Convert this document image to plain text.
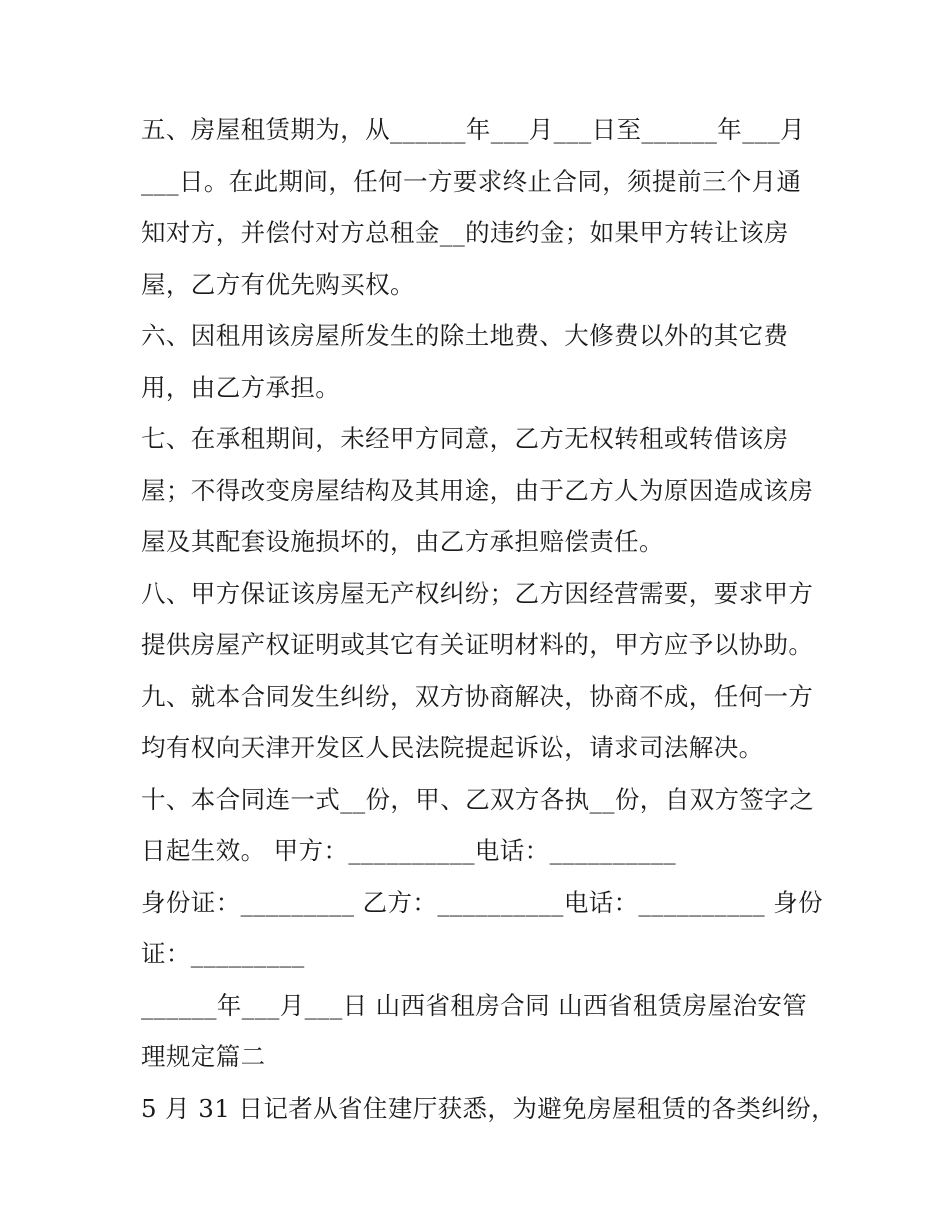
五、房屋租赁期为，从______年___月___日至______年___月
___日。在此期间，任何一方要求终止合同，须提前三个月通
知对方，并偿付对方总租金__的违约金；如果甲方转让该房
屋，乙方有优先购买权。
六、因租用该房屋所发生的除土地费、大修费以外的其它费
用，由乙方承担。
七、在承租期间，未经甲方同意，乙方无权转租或转借该房
屋；不得改变房屋结构及其用途，由于乙方人为原因造成该房
屋及其配套设施损坏的，由乙方承担赔偿责任。
八、甲方保证该房屋无产权纠纷；乙方因经营需要，要求甲方
提供房屋产权证明或其它有关证明材料的，甲方应予以协助。
九、就本合同发生纠纷，双方协商解决，协商不成，任何一方
均有权向天津开发区人民法院提起诉讼，请求司法解决。
十、本合同连一式__份，甲、乙双方各执__份，自双方签字之
日起生效。 甲方：__________电话：__________
身份证：_________ 乙方：__________电话：__________ 身份
证：_________
______年___月___日 山西省租房合同 山西省租赁房屋治安管
理规定篇二
5 月 31 日记者从省住建厅获悉，为避免房屋租赁的各类纠纷，
